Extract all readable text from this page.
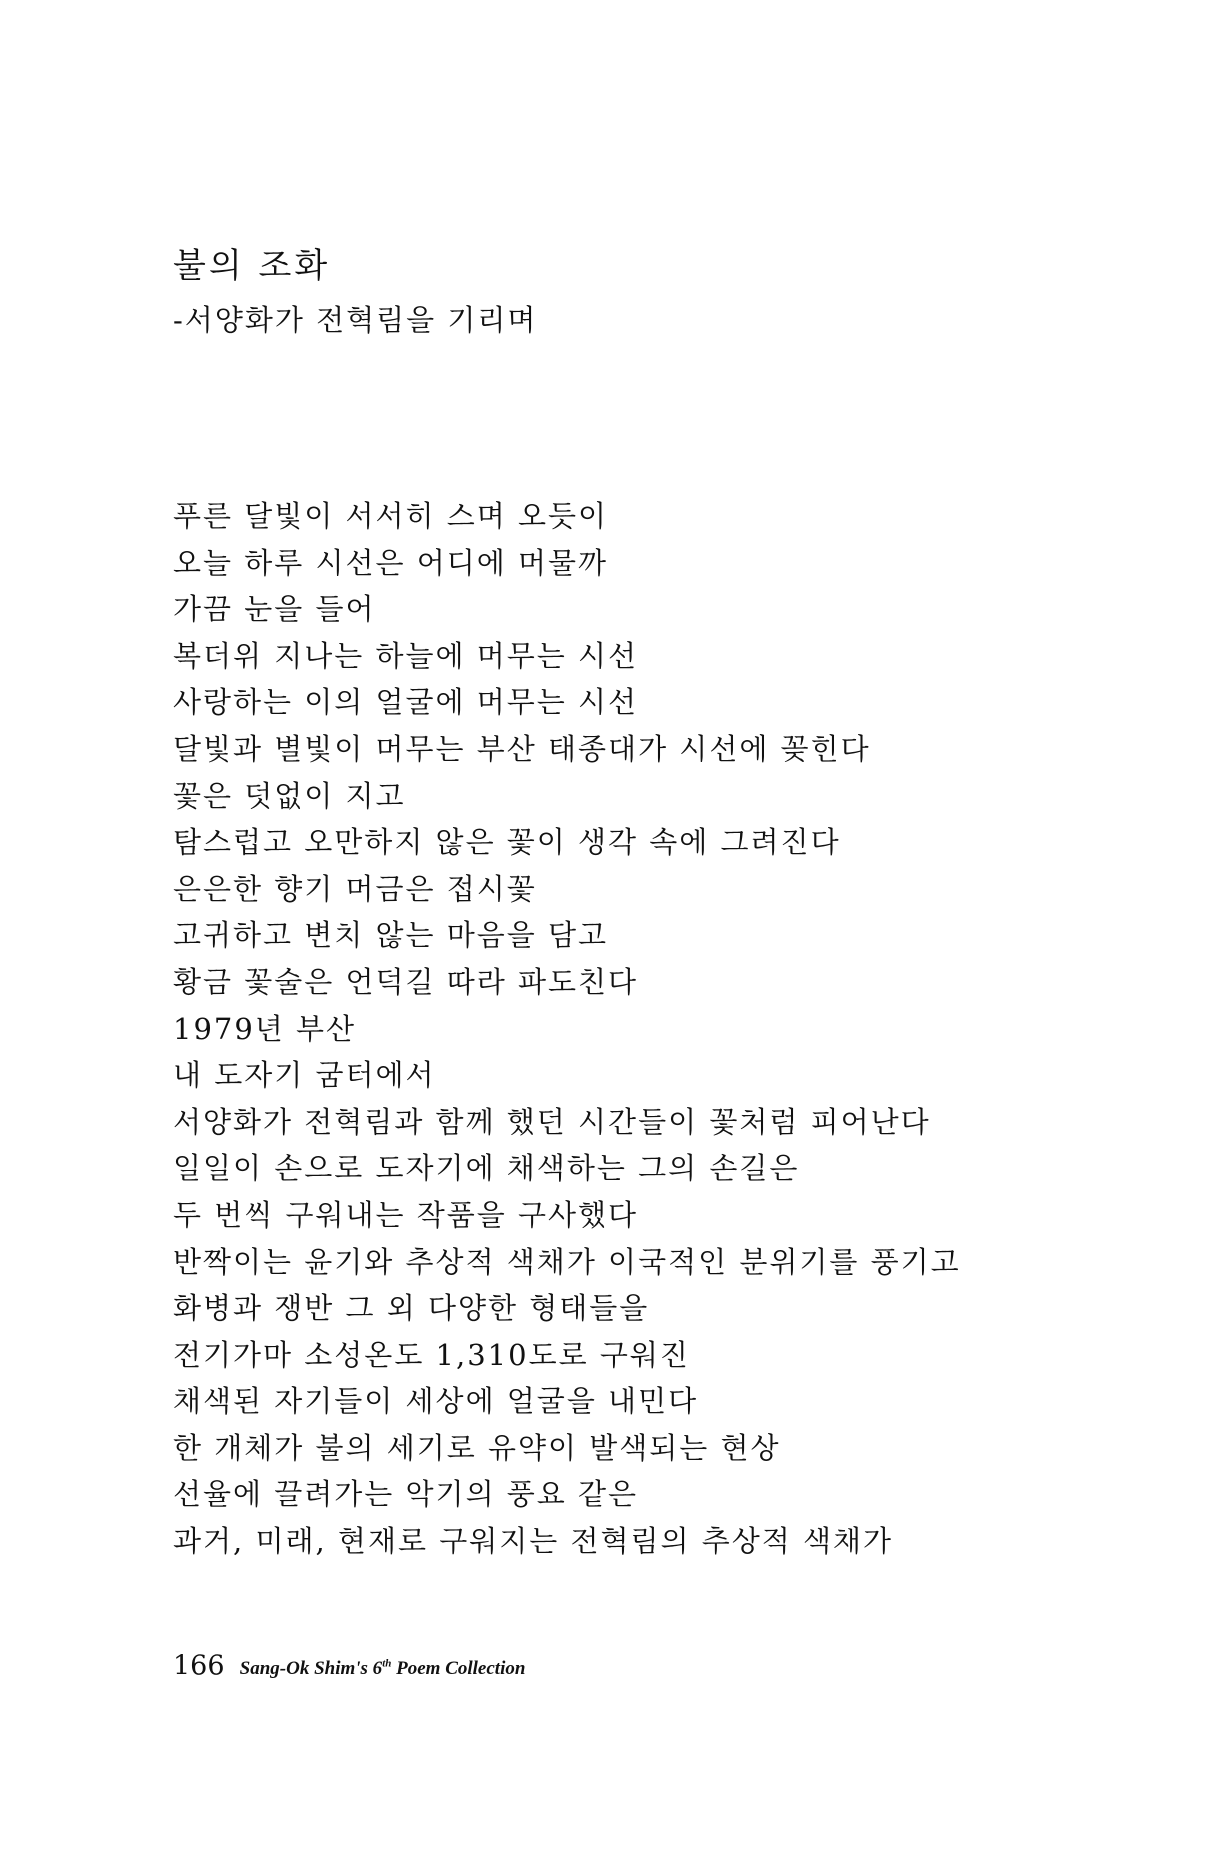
불의 조화
-서양화가 전혁림을 기리며
푸른 달빛이 서서히 스며 오듯이
오늘 하루 시선은 어디에 머물까
가끔 눈을 들어
복더위 지나는 하늘에 머무는 시선
사랑하는 이의 얼굴에 머무는 시선
달빛과 별빛이 머무는 부산 태종대가 시선에 꽂힌다
꽃은 덧없이 지고
탐스럽고 오만하지 않은 꽃이 생각 속에 그려진다
은은한 향기 머금은 접시꽃
고귀하고 변치 않는 마음을 담고
황금 꽃술은 언덕길 따라 파도친다
1979년 부산
내 도자기 굼터에서
서양화가 전혁림과 함께 했던 시간들이 꽃처럼 피어난다
일일이 손으로 도자기에 채색하는 그의 손길은
두 번씩 구워내는 작품을 구사했다
반짝이는 윤기와 추상적 색채가 이국적인 분위기를 풍기고
화병과 쟁반 그 외 다양한 형태들을
전기가마 소성온도 1,310도로 구워진
채색된 자기들이 세상에 얼굴을 내민다
한 개체가 불의 세기로 유약이 발색되는 현상
선율에 끌려가는 악기의 풍요 같은
과거, 미래, 현재로 구워지는 전혁림의 추상적 색채가
166 Sang-Ok Shim's 6th Poem Collection
